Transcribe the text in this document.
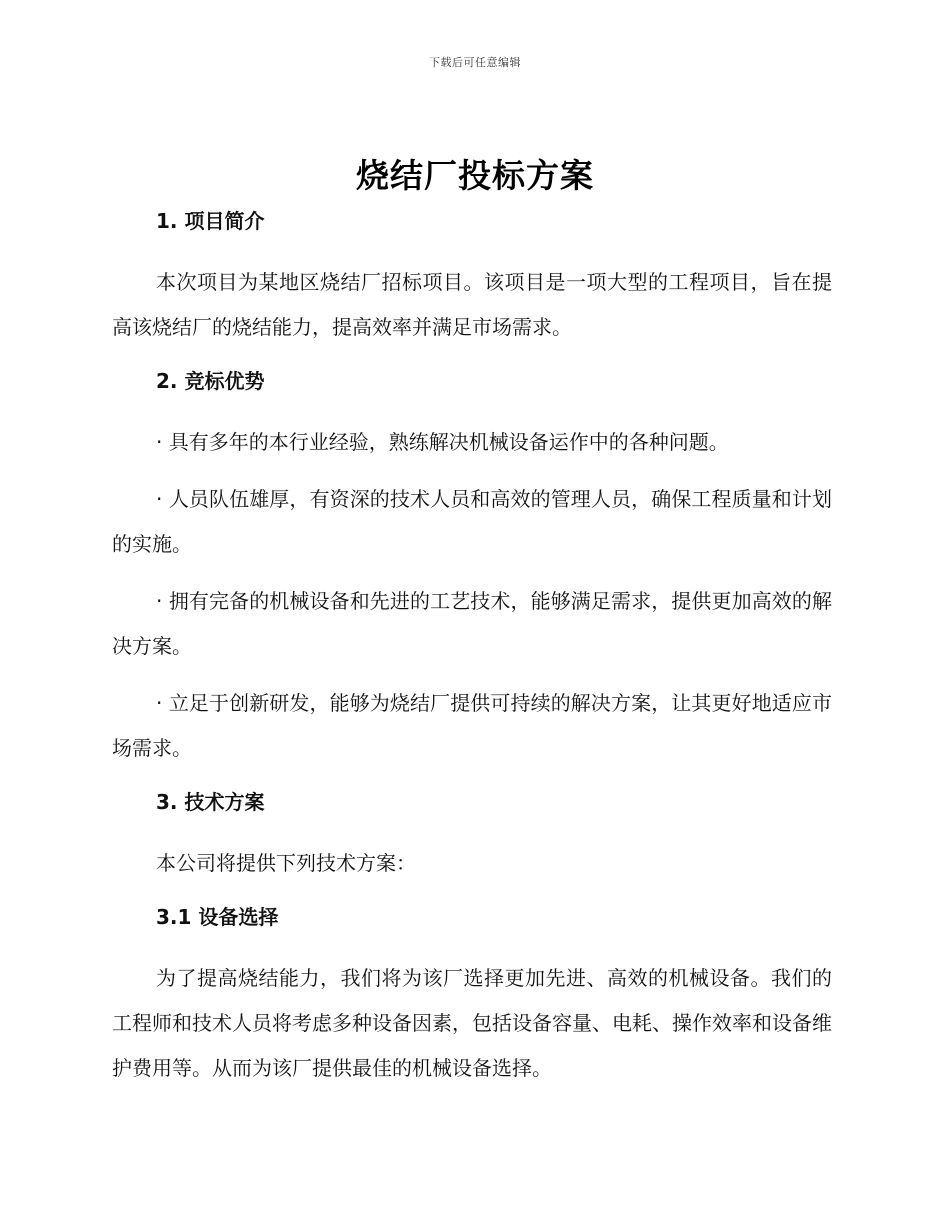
下载后可任意编辑
烧结厂投标方案
1. 项目简介

本次项目为某地区烧结厂招标项目。该项目是一项大型的工程项目，旨在提高该烧结厂的烧结能力，提高效率并满足市场需求。

2. 竞标优势

· 具有多年的本行业经验，熟练解决机械设备运作中的各种问题。

· 人员队伍雄厚，有资深的技术人员和高效的管理人员，确保工程质量和计划的实施。

· 拥有完备的机械设备和先进的工艺技术，能够满足需求，提供更加高效的解决方案。

· 立足于创新研发，能够为烧结厂提供可持续的解决方案，让其更好地适应市场需求。

3. 技术方案

本公司将提供下列技术方案：

3.1 设备选择

为了提高烧结能力，我们将为该厂选择更加先进、高效的机械设备。我们的工程师和技术人员将考虑多种设备因素，包括设备容量、电耗、操作效率和设备维护费用等。从而为该厂提供最佳的机械设备选择。
